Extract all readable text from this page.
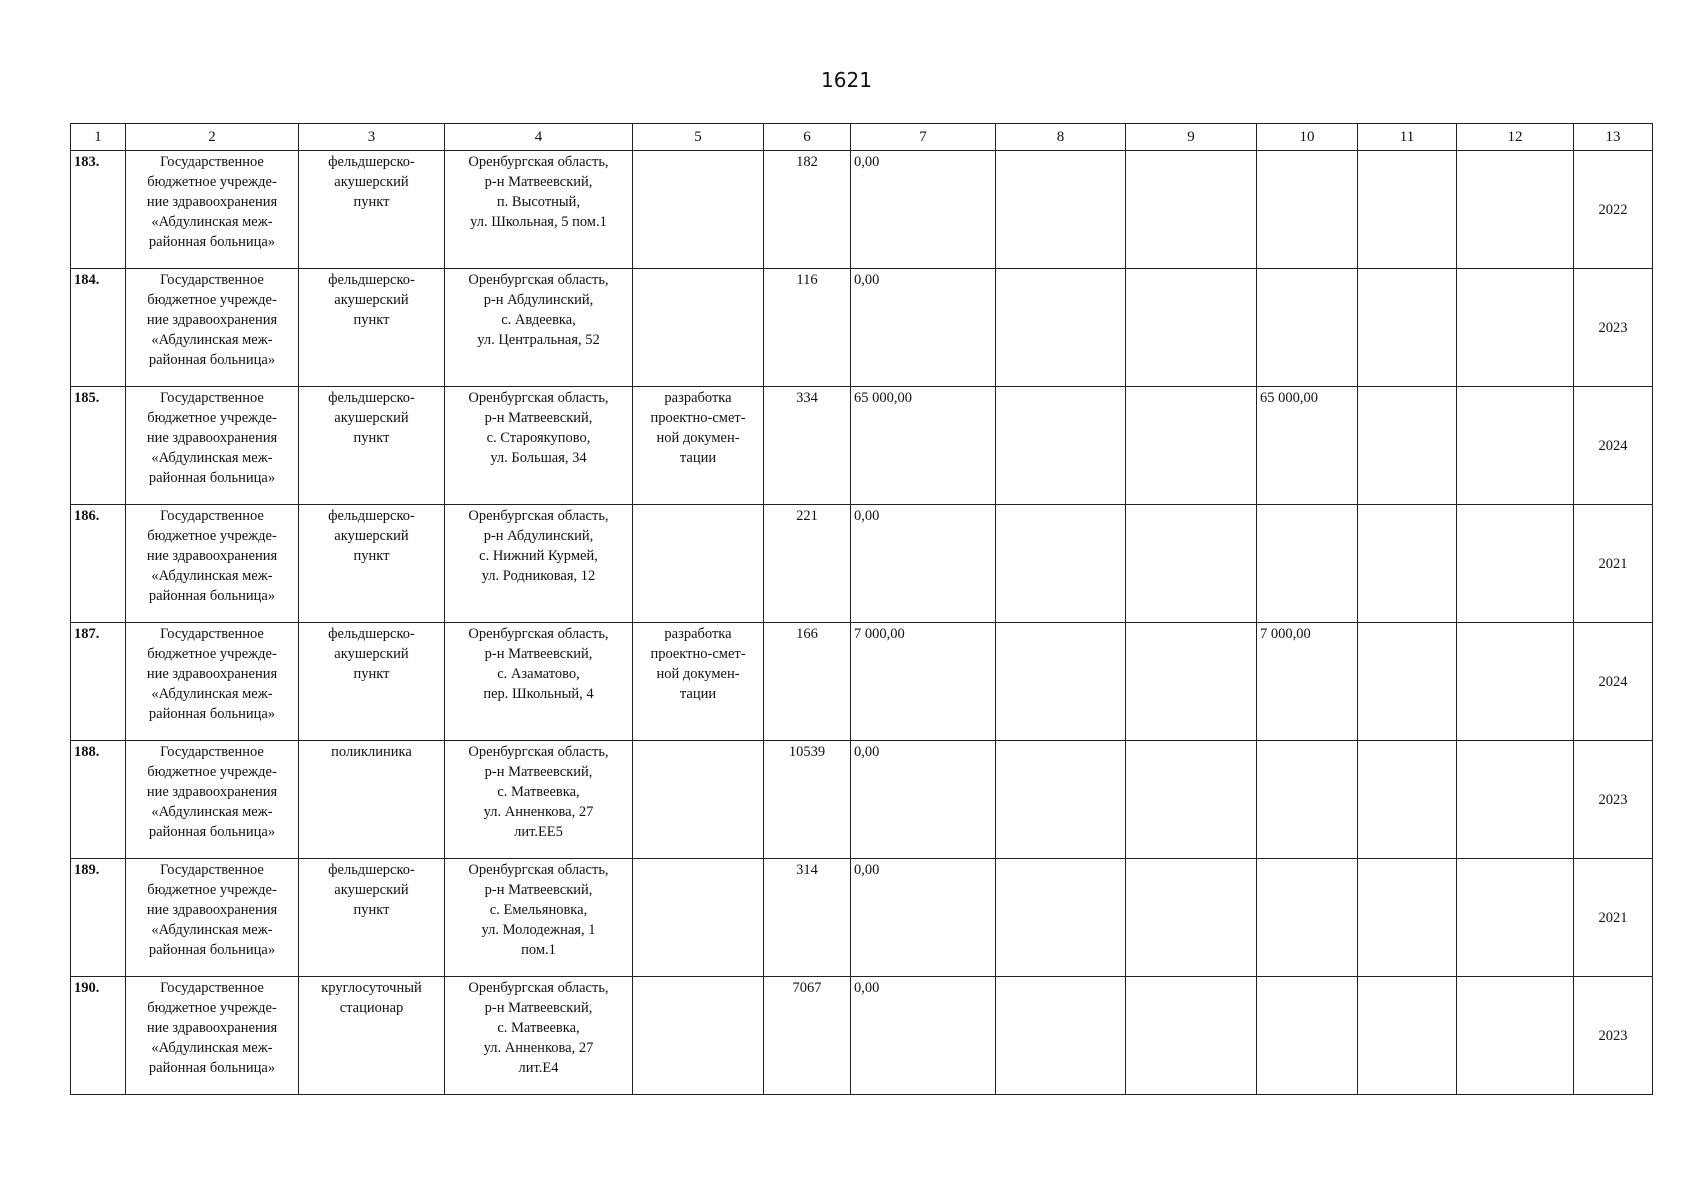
1621
1	2	3	4	5	6	7	8	9	10	11	12	13
183.	Государственное
бюджетное учрежде-
ние здравоохранения
«Абдулинская меж-
районная больница»	фельдшерско-
акушерский
пункт	Оренбургская область,
р-н Матвеевский,
п. Высотный,
ул. Школьная, 5 пом.1		182	0,00						2022
184.	Государственное
бюджетное учрежде-
ние здравоохранения
«Абдулинская меж-
районная больница»	фельдшерско-
акушерский
пункт	Оренбургская область,
р-н Абдулинский,
с. Авдеевка,
ул. Центральная, 52		116	0,00						2023
185.	Государственное
бюджетное учрежде-
ние здравоохранения
«Абдулинская меж-
районная больница»	фельдшерско-
акушерский
пункт	Оренбургская область,
р-н Матвеевский,
с. Староякупово,
ул. Большая, 34	разработка
проектно-смет-
ной докумен-
тации	334	65 000,00			65 000,00			2024
186.	Государственное
бюджетное учрежде-
ние здравоохранения
«Абдулинская меж-
районная больница»	фельдшерско-
акушерский
пункт	Оренбургская область,
р-н Абдулинский,
с. Нижний Курмей,
ул. Родниковая, 12		221	0,00						2021
187.	Государственное
бюджетное учрежде-
ние здравоохранения
«Абдулинская меж-
районная больница»	фельдшерско-
акушерский
пункт	Оренбургская область,
р-н Матвеевский,
с. Азаматово,
пер. Школьный, 4	разработка
проектно-смет-
ной докумен-
тации	166	7 000,00			7 000,00			2024
188.	Государственное
бюджетное учрежде-
ние здравоохранения
«Абдулинская меж-
районная больница»	поликлиника	Оренбургская область,
р-н Матвеевский,
с. Матвеевка,
ул. Анненкова, 27
лит.ЕЕ5		10539	0,00						2023
189.	Государственное
бюджетное учрежде-
ние здравоохранения
«Абдулинская меж-
районная больница»	фельдшерско-
акушерский
пункт	Оренбургская область,
р-н Матвеевский,
с. Емельяновка,
ул. Молодежная, 1
пом.1		314	0,00						2021
190.	Государственное
бюджетное учрежде-
ние здравоохранения
«Абдулинская меж-
районная больница»	круглосуточный
стационар	Оренбургская область,
р-н Матвеевский,
с. Матвеевка,
ул. Анненкова, 27
лит.Е4		7067	0,00						2023
